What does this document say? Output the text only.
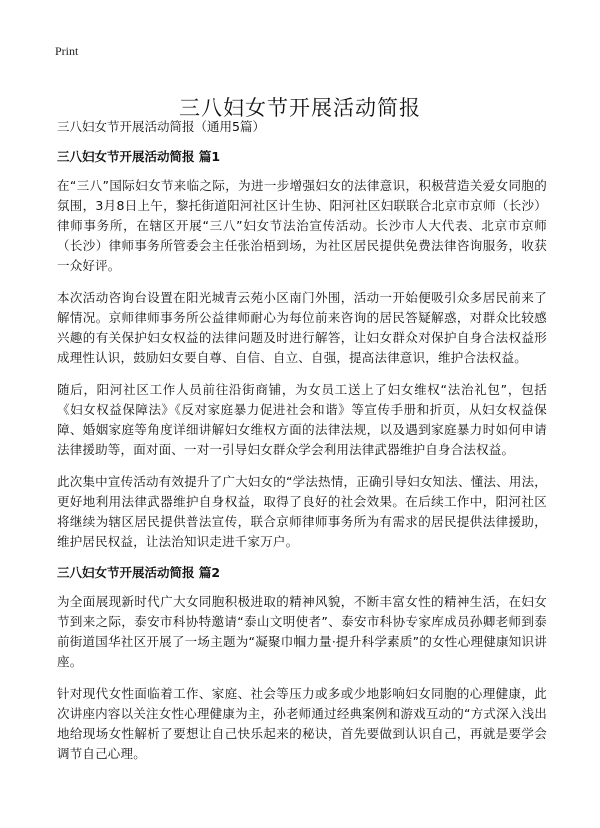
Print
三八妇女节开展活动简报

三八妇女节开展活动简报（通用5篇）

三八妇女节开展活动简报 篇1

在“三八”国际妇女节来临之际，为进一步增强妇女的法律意识，积极营造关爱女同胞的氛围，3月8日上午，黎托街道阳河社区计生协、阳河社区妇联联合北京市京师（长沙）律师事务所，在辖区开展“三八”妇女节法治宣传活动。长沙市人大代表、北京市京师（长沙）律师事务所管委会主任张治梧到场，为社区居民提供免费法律咨询服务，收获一众好评。

本次活动咨询台设置在阳光城青云苑小区南门外围，活动一开始便吸引众多居民前来了解情况。京师律师事务所公益律师耐心为每位前来咨询的居民答疑解惑，对群众比较感兴趣的有关保护妇女权益的法律问题及时进行解答，让妇女群众对保护自身合法权益形成理性认识，鼓励妇女要自尊、自信、自立、自强，提高法律意识，维护合法权益。

随后，阳河社区工作人员前往沿街商铺，为女员工送上了妇女维权“法治礼包”，包括《妇女权益保障法》《反对家庭暴力促进社会和谐》等宣传手册和折页，从妇女权益保障、婚姻家庭等角度详细讲解妇女维权方面的法律法规，以及遇到家庭暴力时如何申请法律援助等，面对面、一对一引导妇女群众学会利用法律武器维护自身合法权益。

此次集中宣传活动有效提升了广大妇女的“学法热情，正确引导妇女知法、懂法、用法，更好地利用法律武器维护自身权益，取得了良好的社会效果。在后续工作中，阳河社区将继续为辖区居民提供普法宣传，联合京师律师事务所为有需求的居民提供法律援助，维护居民权益，让法治知识走进千家万户。

三八妇女节开展活动简报 篇2

为全面展现新时代广大女同胞积极进取的精神风貌，不断丰富女性的精神生活，在妇女节到来之际，泰安市科协特邀请“泰山文明使者”、泰安市科协专家库成员孙卿老师到泰前街道国华社区开展了一场主题为“凝聚巾帼力量·提升科学素质”的女性心理健康知识讲座。

针对现代女性面临着工作、家庭、社会等压力或多或少地影响妇女同胞的心理健康，此次讲座内容以关注女性心理健康为主，孙老师通过经典案例和游戏互动的“方式深入浅出地给现场女性解析了要想让自己快乐起来的秘诀，首先要做到认识自己，再就是要学会调节自己心理。
